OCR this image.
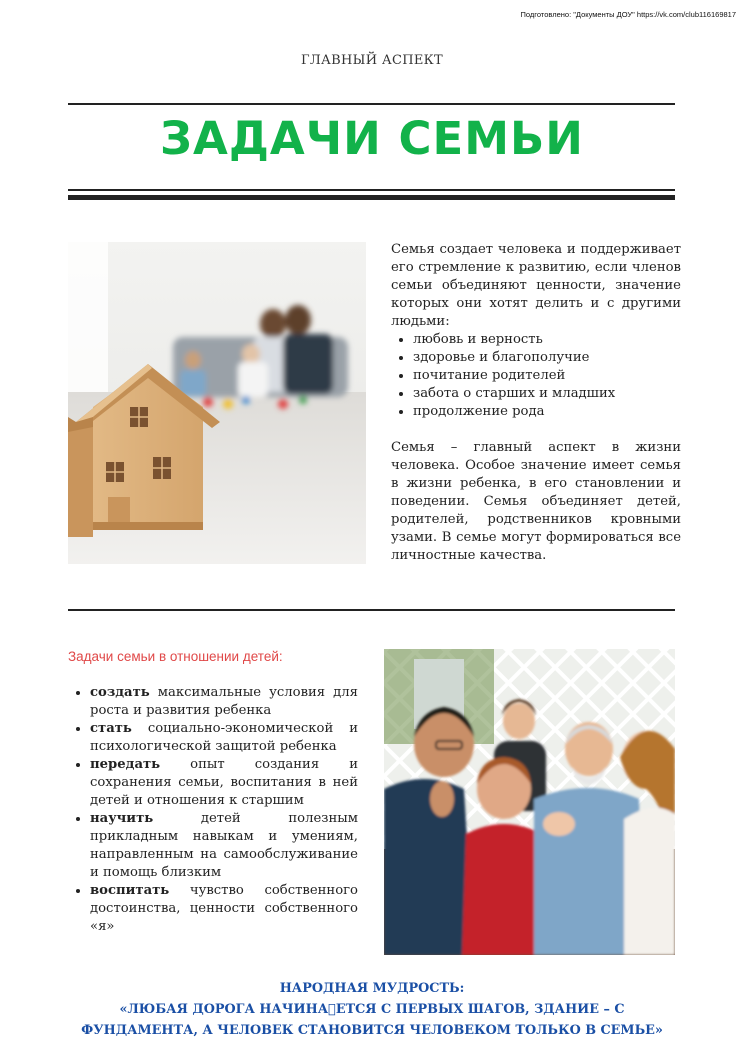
Подготовлено: "Документы ДОУ" https://vk.com/club116169817
ГЛАВНЫЙ АСПЕКТ
ЗАДАЧИ СЕМЬИ
Семья создает человека и поддерживает его стремление к развитию, если членов семьи объединяют ценности, значение которых они хотят делить и с другими людьми:
• любовь и верность
• здоровье и благополучие
• почитание родителей
• забота о старших и младших
• продолжение рода
Семья – главный аспект в жизни человека. Особое значение имеет семья в жизни ребенка, в его становлении и поведении. Семья объединяет детей, родителей, родственников кровными узами. В семье могут формироваться все личностные качества.
Задачи семьи в отношении детей:
• создать максимальные условия для роста и развития ребенка
• стать социально-экономической и психологической защитой ребенка
• передать опыт создания и сохранения семьи, воспитания в ней детей и отношения к старшим
• научить детей полезным прикладным навыкам и умениям, направленным на самообслуживание и помощь близким
• воспитать чувство собственного достоинства, ценности собственного «я»
НАРОДНАЯ МУДРОСТЬ:
«ЛЮБАЯ ДОРОГА НАЧИНА ЕТСЯ С ПЕРВЫХ ШАГОВ, ЗДАНИЕ – С
ФУНДАМЕНТА, А ЧЕЛОВЕК СТАНОВИТСЯ ЧЕЛОВЕКОМ ТОЛЬКО В СЕМЬЕ»
